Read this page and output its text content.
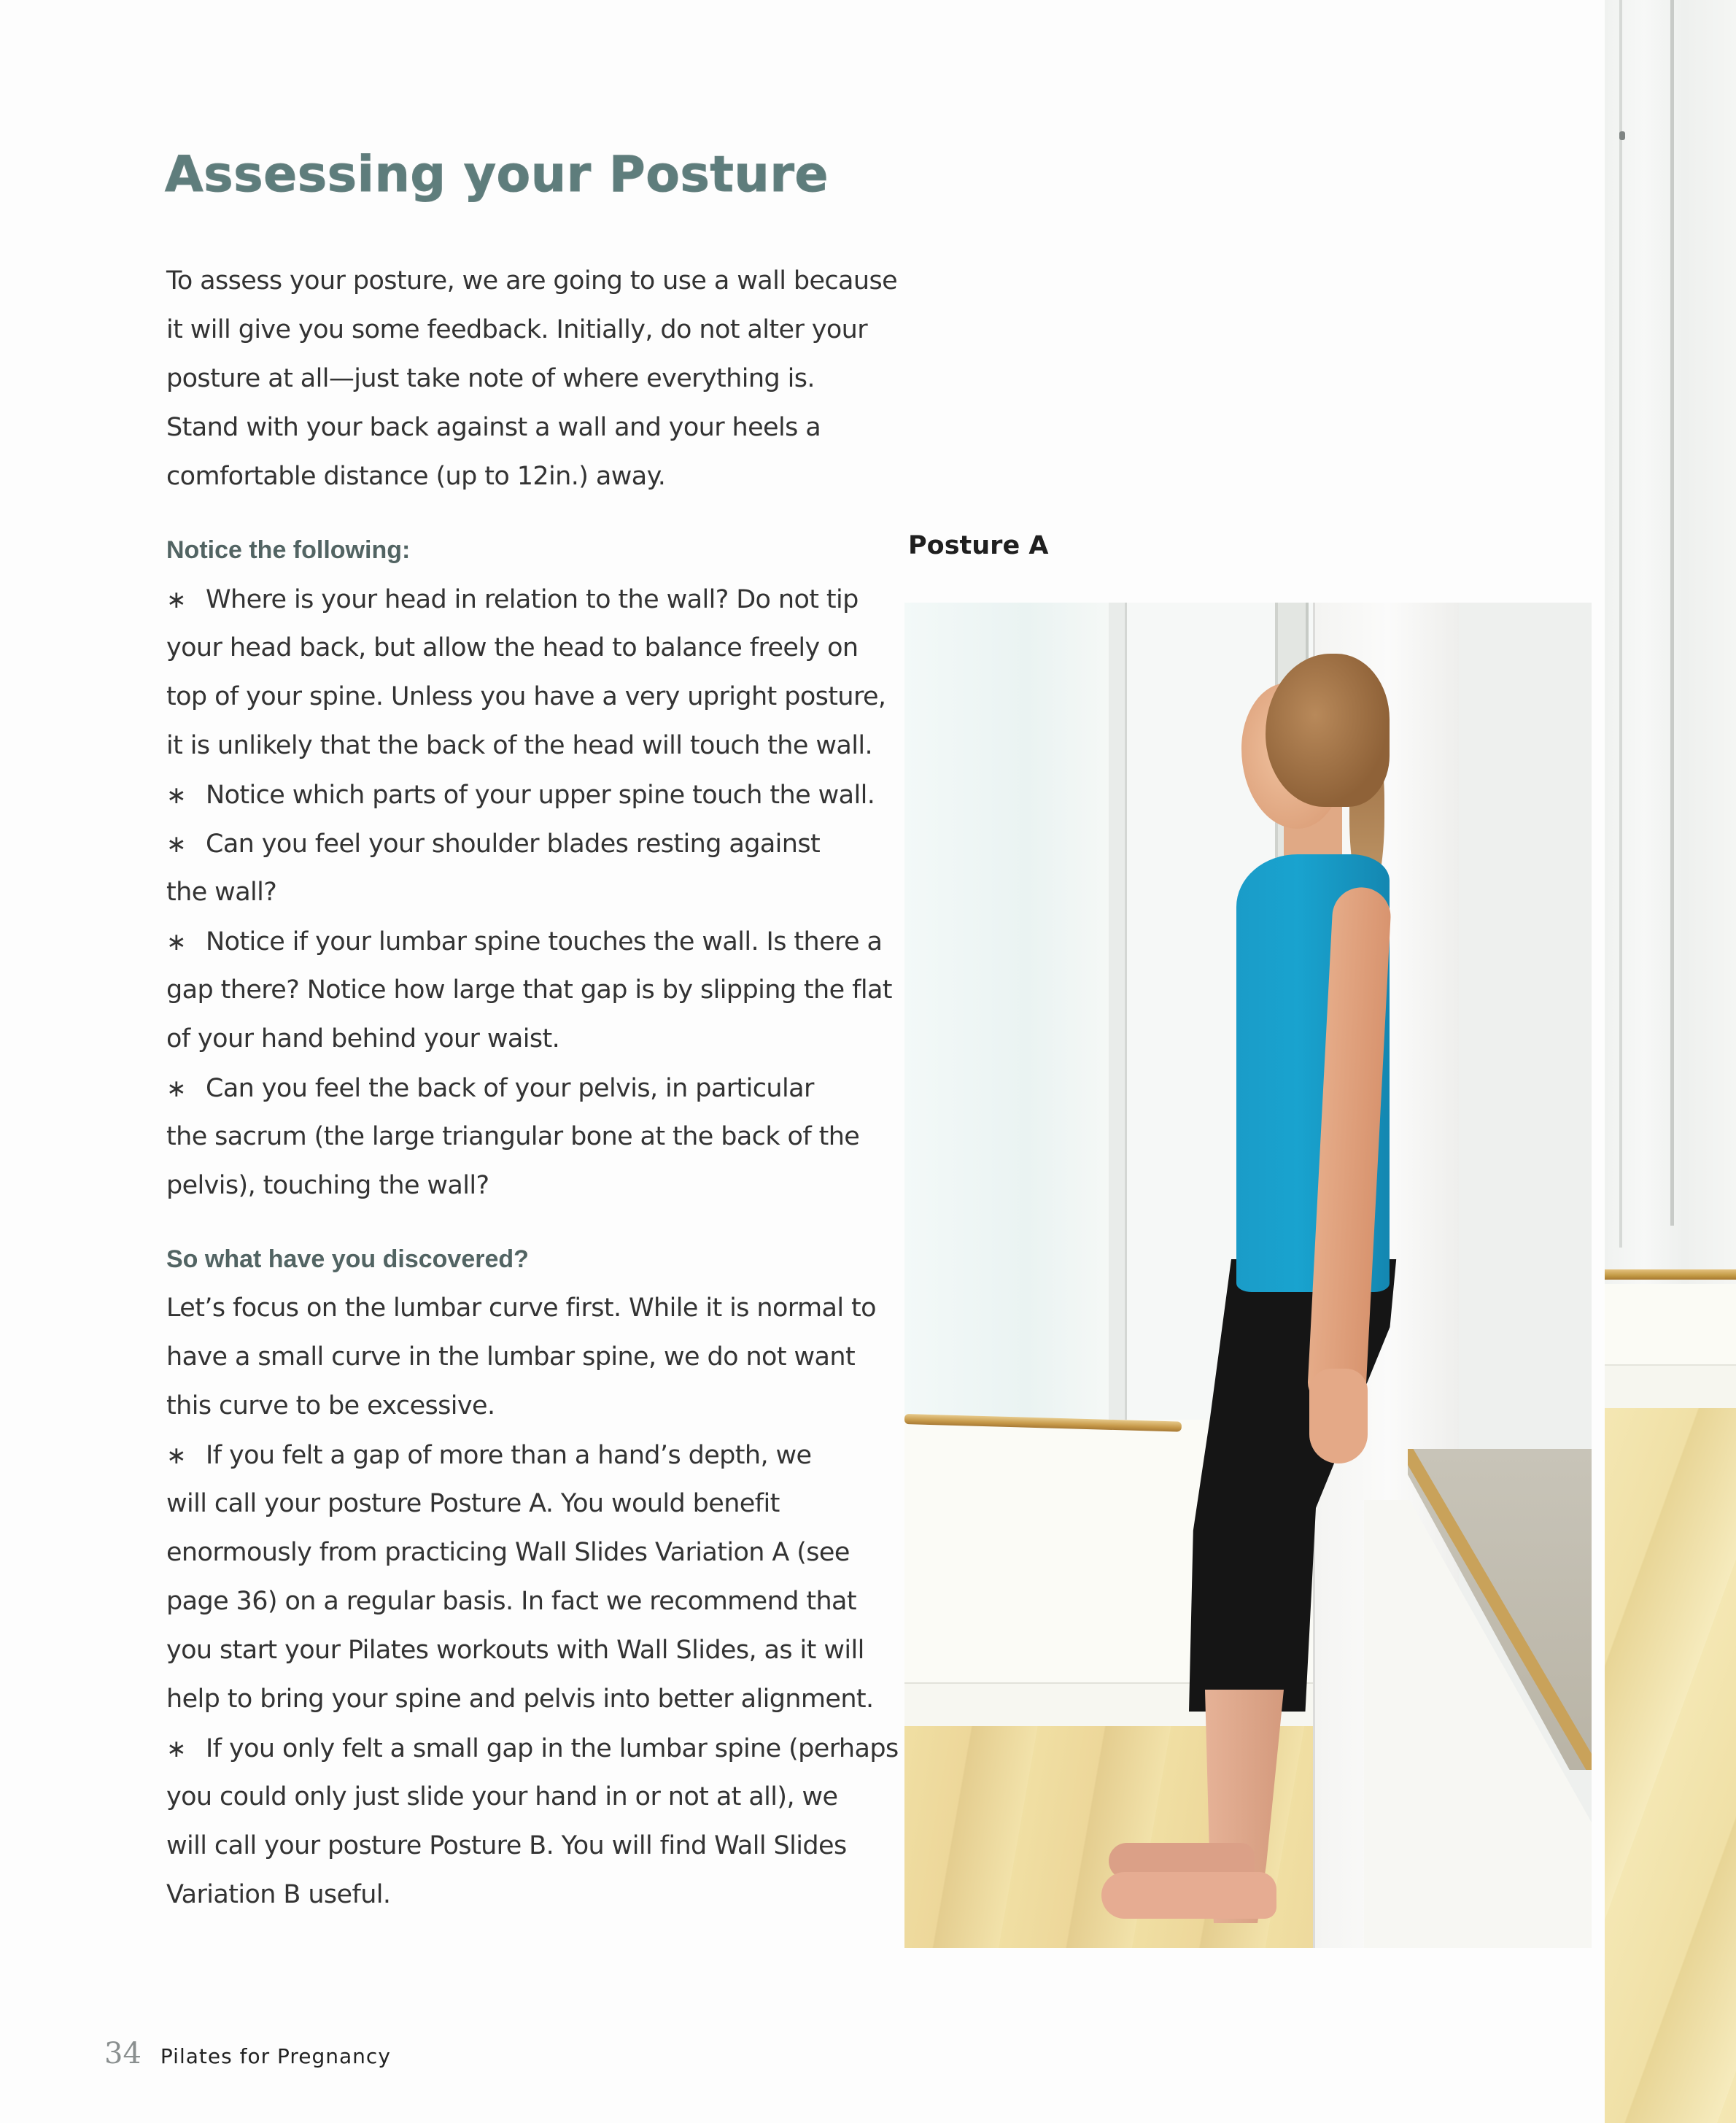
Assessing your Posture
To assess your posture, we are going to use a wall because
it will give you some feedback. Initially, do not alter your
posture at all—just take note of where everything is.
Stand with your back against a wall and your heels a
comfortable distance (up to 12in.) away.
Notice the following:
∗ Where is your head in relation to the wall? Do not tip
your head back, but allow the head to balance freely on
top of your spine. Unless you have a very upright posture,
it is unlikely that the back of the head will touch the wall.
∗ Notice which parts of your upper spine touch the wall.
∗ Can you feel your shoulder blades resting against
the wall?
∗ Notice if your lumbar spine touches the wall. Is there a
gap there? Notice how large that gap is by slipping the flat
of your hand behind your waist.
∗ Can you feel the back of your pelvis, in particular
the sacrum (the large triangular bone at the back of the
pelvis), touching the wall?
So what have you discovered?
Let’s focus on the lumbar curve first. While it is normal to
have a small curve in the lumbar spine, we do not want
this curve to be excessive.
∗ If you felt a gap of more than a hand’s depth, we
will call your posture Posture A. You would benefit
enormously from practicing Wall Slides Variation A (see
page 36) on a regular basis. In fact we recommend that
you start your Pilates workouts with Wall Slides, as it will
help to bring your spine and pelvis into better alignment.
∗ If you only felt a small gap in the lumbar spine (perhaps
you could only just slide your hand in or not at all), we
will call your posture Posture B. You will find Wall Slides
Variation B useful.

Posture A

34 Pilates for Pregnancy
